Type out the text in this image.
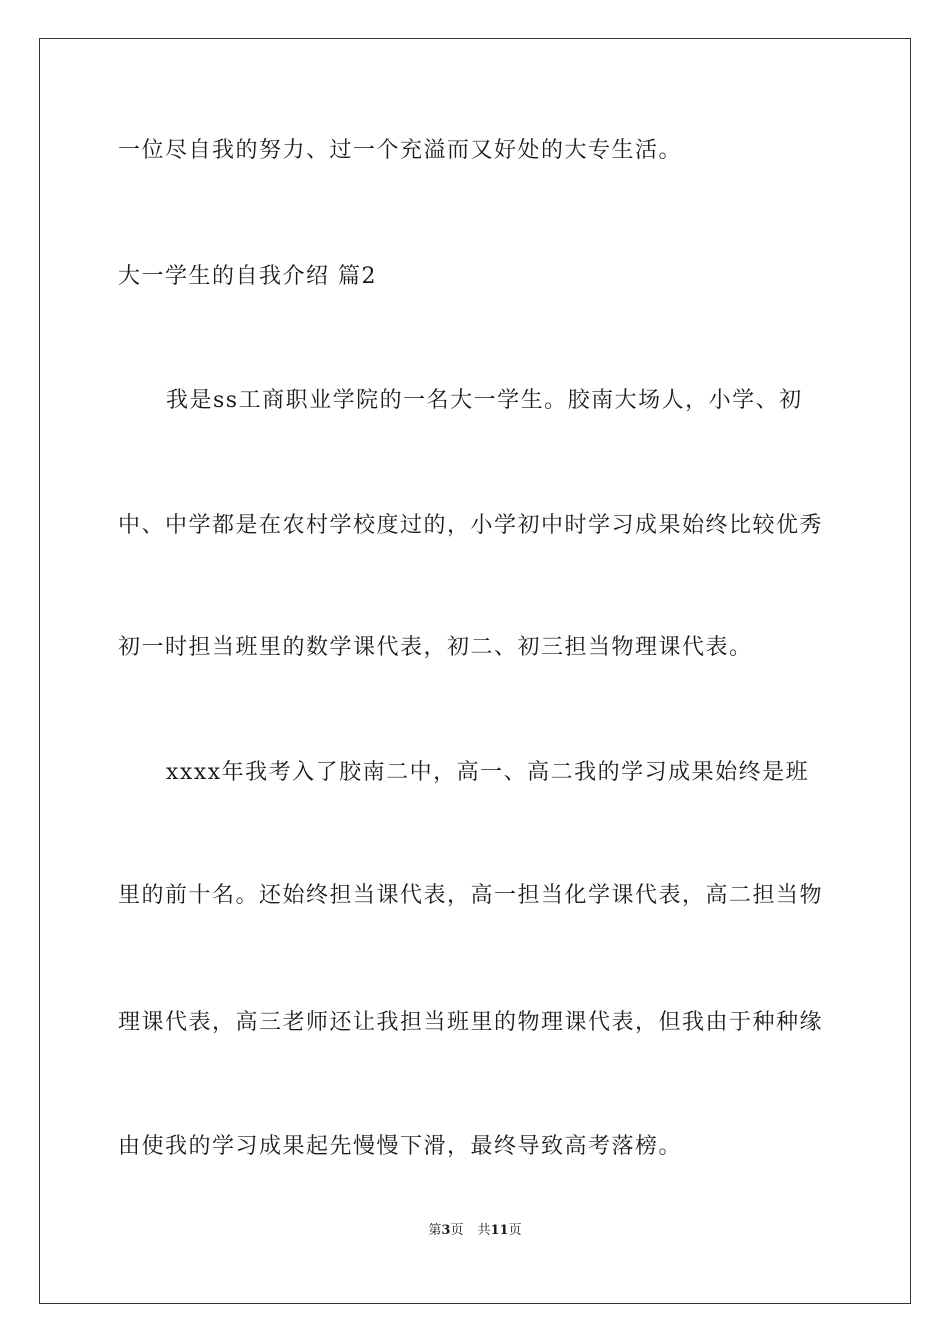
一位尽自我的努力、过一个充溢而又好处的大专生活。
大一学生的自我介绍 篇2
我是ss工商职业学院的一名大一学生。胶南大场人，小学、初
中、中学都是在农村学校度过的，小学初中时学习成果始终比较优秀
初一时担当班里的数学课代表，初二、初三担当物理课代表。
xxxx年我考入了胶南二中，高一、高二我的学习成果始终是班
里的前十名。还始终担当课代表，高一担当化学课代表，高二担当物
理课代表，高三老师还让我担当班里的物理课代表，但我由于种种缘
由使我的学习成果起先慢慢下滑，最终导致高考落榜。
第3页 共11页
